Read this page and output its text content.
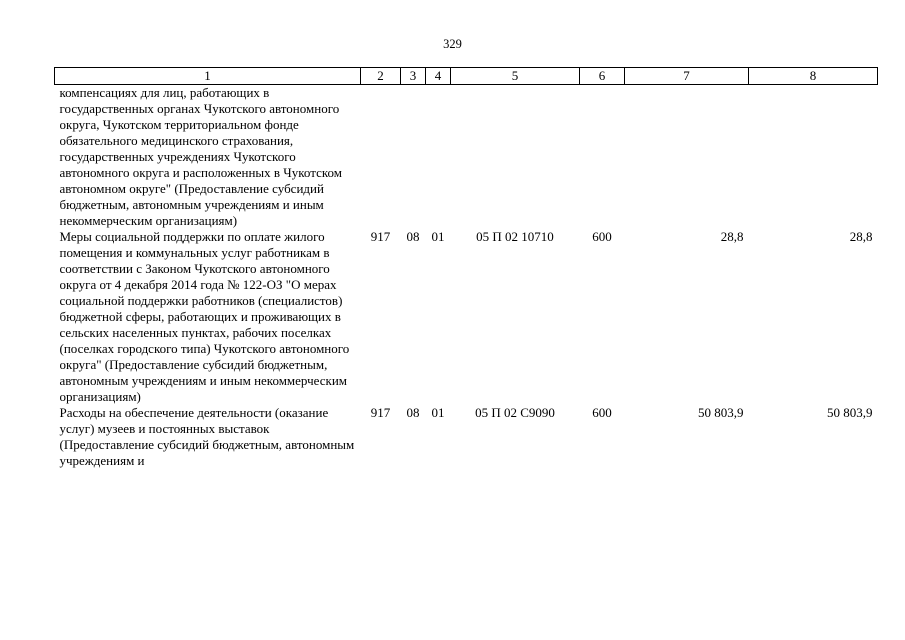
329
1	2	3	4	5	6	7	8
компенсациях для лиц, работающих в государственных органах Чукотского автономного округа, Чукотском территориальном фонде обязательного медицинского страхования, государственных учреждениях Чукотского автономного округа и расположенных в Чукотском автономном округе" (Предоставление субсидий бюджетным, автономным учреждениям и иным некоммерческим организациям)							
Меры социальной поддержки по оплате жилого помещения и коммунальных услуг работникам в соответствии с Законом Чукотского автономного округа от 4 декабря 2014 года № 122-ОЗ "О мерах социальной поддержки работников (специалистов) бюджетной сферы, работающих и проживающих в сельских населенных пунктах, рабочих поселках (поселках городского типа) Чукотского автономного округа" (Предоставление субсидий бюджетным, автономным учреждениям и иным некоммерческим организациям)	917	08	01	05 П 02 10710	600	28,8	28,8
Расходы на обеспечение деятельности (оказание услуг) музеев и постоянных выставок (Предоставление субсидий бюджетным, автономным учреждениям и	917	08	01	05 П 02 С9090	600	50 803,9	50 803,9
